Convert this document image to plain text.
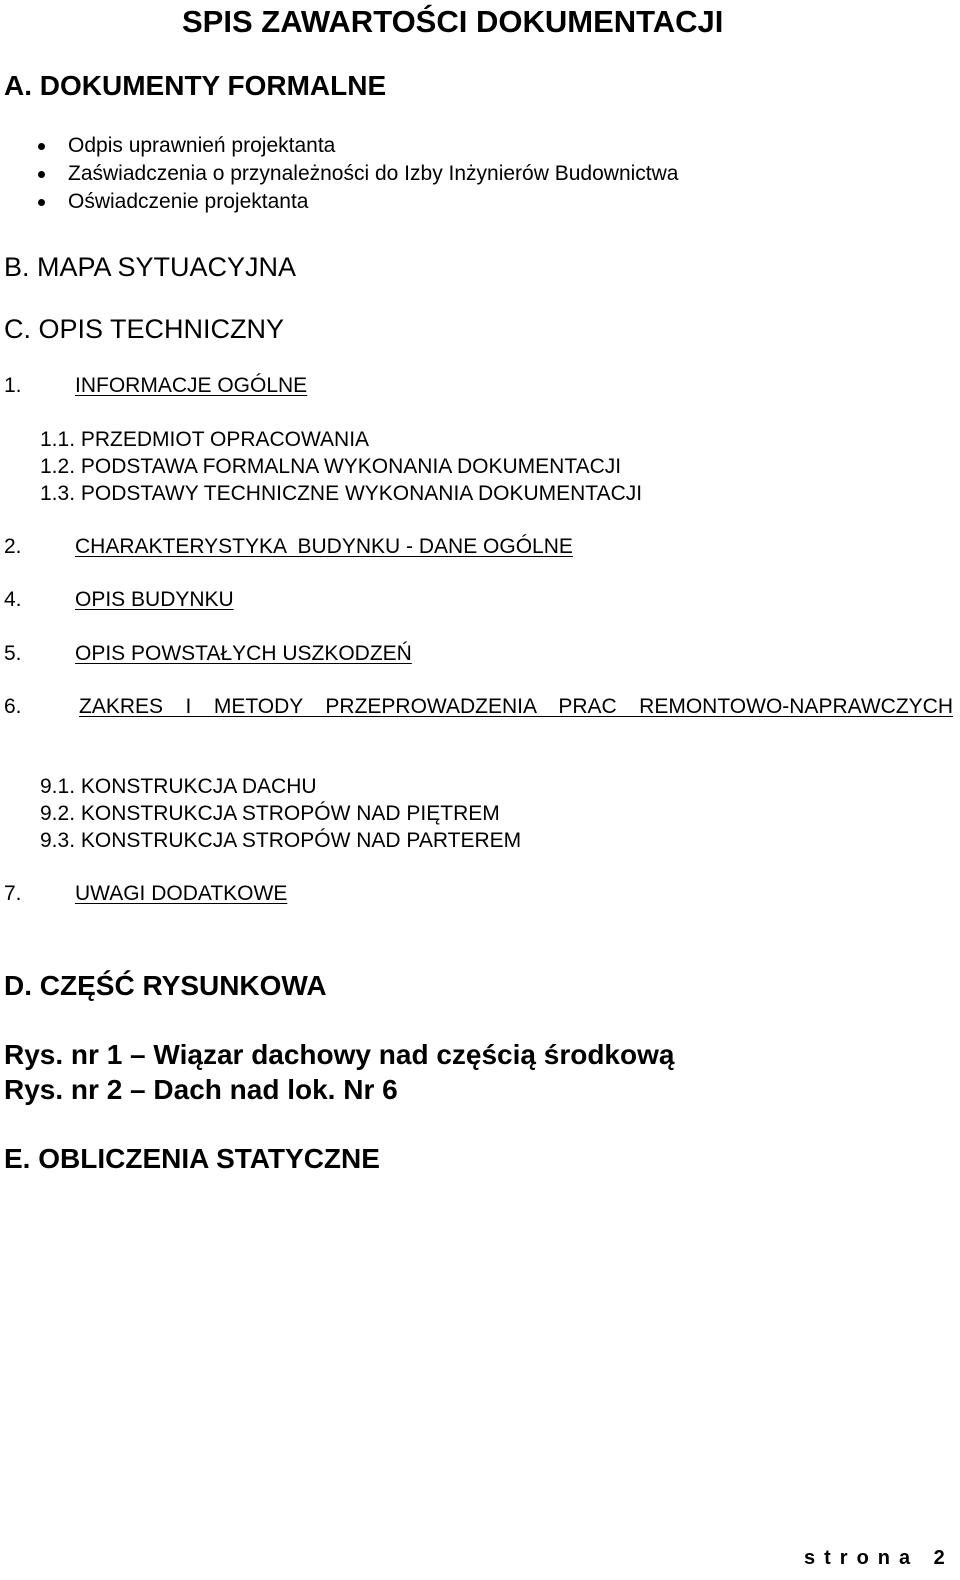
SPIS ZAWARTOŚCI DOKUMENTACJI
A. DOKUMENTY FORMALNE
Odpis uprawnień projektanta
Zaświadczenia o przynależności do Izby Inżynierów Budownictwa
Oświadczenie projektanta
B. MAPA SYTUACYJNA
C. OPIS TECHNICZNY
1.	INFORMACJE OGÓLNE
1.1. PRZEDMIOT OPRACOWANIA
1.2. PODSTAWA FORMALNA WYKONANIA DOKUMENTACJI
1.3. PODSTAWY TECHNICZNE WYKONANIA DOKUMENTACJI
2.	CHARAKTERYSTYKA  BUDYNKU - DANE OGÓLNE
4.	OPIS BUDYNKU
5.	OPIS POWSTAŁYCH USZKODZEŃ
6.	ZAKRES I METODY PRZEPROWADZENIA PRAC REMONTOWO-NAPRAWCZYCH
9.1. KONSTRUKCJA DACHU
9.2. KONSTRUKCJA STROPÓW NAD PIĘTREM
9.3. KONSTRUKCJA STROPÓW NAD PARTEREM
7.	UWAGI DODATKOWE
D. CZĘŚĆ RYSUNKOWA
Rys. nr 1 – Wiązar dachowy nad częścią środkową
Rys. nr 2 – Dach nad lok. Nr 6
E. OBLICZENIA STATYCZNE
strona 2
